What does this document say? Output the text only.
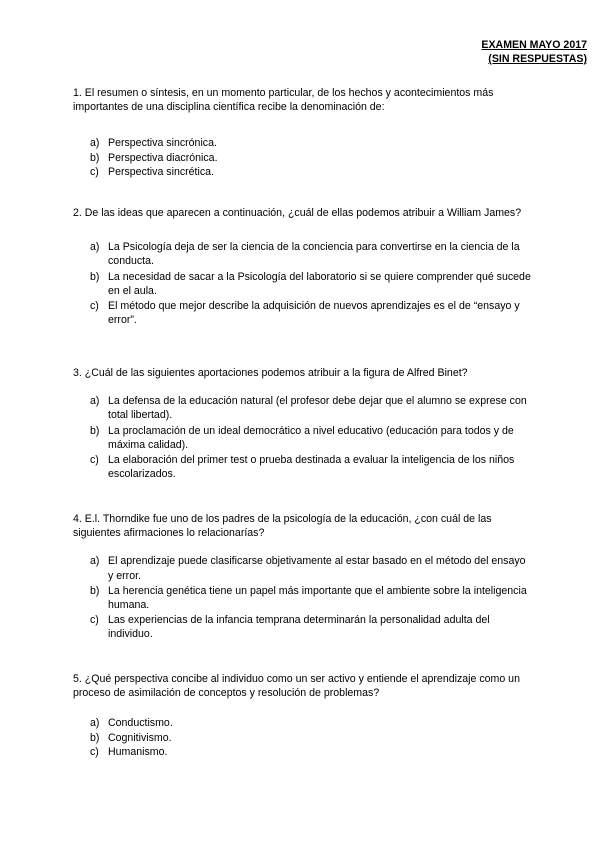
EXAMEN MAYO 2017
(SIN RESPUESTAS)

1. El resumen o síntesis, en un momento particular, de los hechos y acontecimientos más importantes de una disciplina científica recibe la denominación de:

a) Perspectiva sincrónica.
b) Perspectiva diacrónica.
c) Perspectiva sincrética.

2. De las ideas que aparecen a continuación, ¿cuál de ellas podemos atribuir a William James?

a) La Psicología deja de ser la ciencia de la conciencia para convertirse en la ciencia de la conducta.
b) La necesidad de sacar a la Psicología del laboratorio si se quiere comprender qué sucede en el aula.
c) El método que mejor describe la adquisición de nuevos aprendizajes es el de “ensayo y error”.

3. ¿Cuál de las siguientes aportaciones podemos atribuir a la figura de Alfred Binet?

a) La defensa de la educación natural (el profesor debe dejar que el alumno se exprese con total libertad).
b) La proclamación de un ideal democrático a nivel educativo (educación para todos y de máxima calidad).
c) La elaboración del primer test o prueba destinada a evaluar la inteligencia de los niños escolarizados.

4. E.l. Thorndike fue uno de los padres de la psicología de la educación, ¿con cuál de las siguientes afirmaciones lo relacionarías?

a) El aprendizaje puede clasificarse objetivamente al estar basado en el método del ensayo y error.
b) La herencia genética tiene un papel más importante que el ambiente sobre la inteligencia humana.
c) Las experiencias de la infancia temprana determinarán la personalidad adulta del individuo.

5. ¿Qué perspectiva concibe al individuo como un ser activo y entiende el aprendizaje como un proceso de asimilación de conceptos y resolución de problemas?

a) Conductismo.
b) Cognitivismo.
c) Humanismo.
